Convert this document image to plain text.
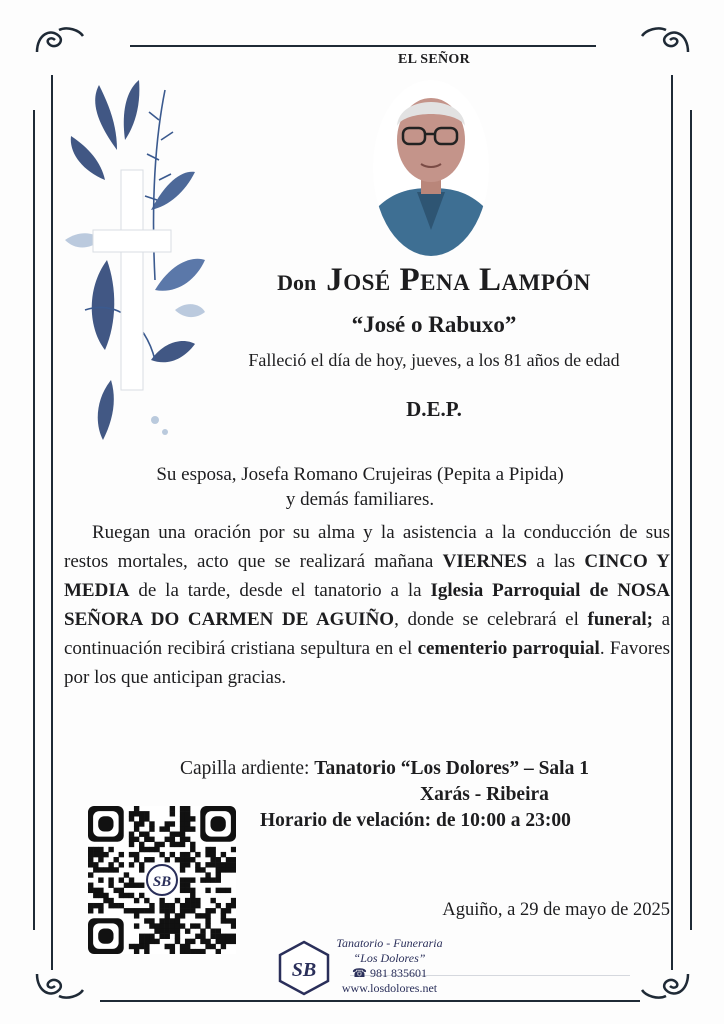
EL SEÑOR
Don José Pena Lampón
“José o Rabuxo”
Falleció el día de hoy, jueves, a los 81 años de edad
D.E.P.
Su esposa, Josefa Romano Crujeiras (Pepita a Pipida)
y demás familiares.
Ruegan una oración por su alma y la asistencia a la conducción de sus restos mortales, acto que se realizará mañana VIERNES a las CINCO Y MEDIA de la tarde, desde el tanatorio a la Iglesia Parroquial de NOSA SEÑORA DO CARMEN DE AGUIÑO, donde se celebrará el funeral; a continuación recibirá cristiana sepultura en el cementerio parroquial. Favores por los que anticipan gracias.
Capilla ardiente: Tanatorio “Los Dolores” – Sala 1
Xarás - Ribeira
Horario de velación: de 10:00 a 23:00
SB
Aguiño, a 29 de mayo de 2025
SB
Tanatorio - Funeraria
“Los Dolores”
☎ 981 835601
www.losdolores.net
